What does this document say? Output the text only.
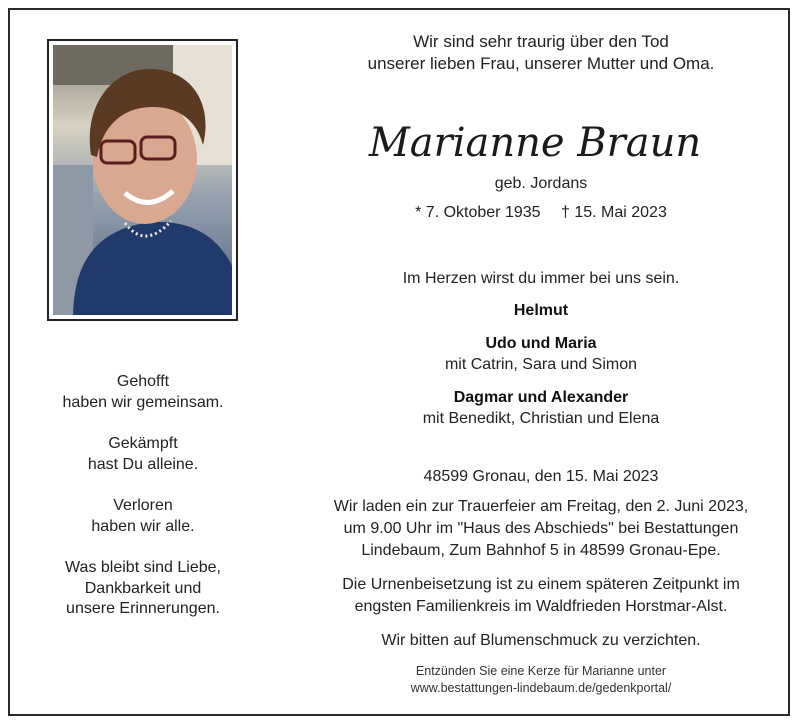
Gehofft
haben wir gemeinsam.

Gekämpft
hast Du alleine.

Verloren
haben wir alle.

Was bleibt sind Liebe,
Dankbarkeit und
unsere Erinnerungen.

Wir sind sehr traurig über den Tod
unserer lieben Frau, unserer Mutter und Oma.
Marianne Braun
geb. Jordans
* 7. Oktober 1935 † 15. Mai 2023
Im Herzen wirst du immer bei uns sein.
Helmut
Udo und Maria
mit Catrin, Sara und Simon
Dagmar und Alexander
mit Benedikt, Christian und Elena
48599 Gronau, den 15. Mai 2023
Wir laden ein zur Trauerfeier am Freitag, den 2. Juni 2023,
um 9.00 Uhr im "Haus des Abschieds" bei Bestattungen
Lindebaum, Zum Bahnhof 5 in 48599 Gronau-Epe.
Die Urnenbeisetzung ist zu einem späteren Zeitpunkt im
engsten Familienkreis im Waldfrieden Horstmar-Alst.
Wir bitten auf Blumenschmuck zu verzichten.
Entzünden Sie eine Kerze für Marianne unter
www.bestattungen-lindebaum.de/gedenkportal/
